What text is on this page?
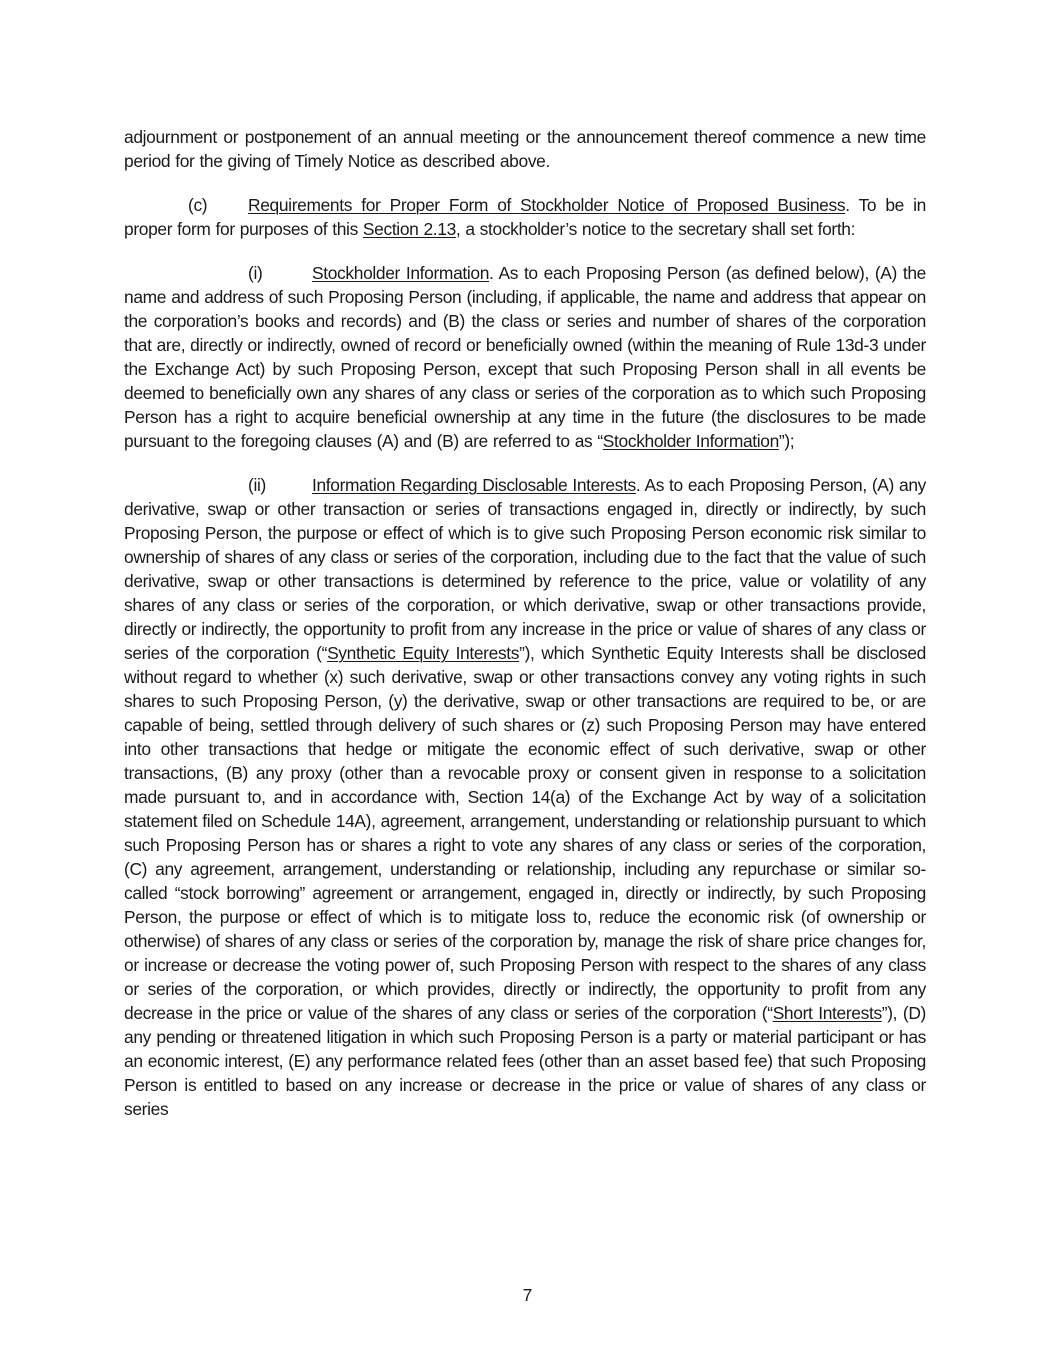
adjournment or postponement of an annual meeting or the announcement thereof commence a new time period for the giving of Timely Notice as described above.

(c) Requirements for Proper Form of Stockholder Notice of Proposed Business. To be in proper form for purposes of this Section 2.13, a stockholder’s notice to the secretary shall set forth:

(i)	Stockholder Information. As to each Proposing Person (as defined below), (A) the name and address of such Proposing Person (including, if applicable, the name and address that appear on the corporation’s books and records) and (B) the class or series and number of shares of the corporation that are, directly or indirectly, owned of record or beneficially owned (within the meaning of Rule 13d-3 under the Exchange Act) by such Proposing Person, except that such Proposing Person shall in all events be deemed to beneficially own any shares of any class or series of the corporation as to which such Proposing Person has a right to acquire beneficial ownership at any time in the future (the disclosures to be made pursuant to the foregoing clauses (A) and (B) are referred to as “Stockholder Information”);

(ii)	Information Regarding Disclosable Interests. As to each Proposing Person, (A) any derivative, swap or other transaction or series of transactions engaged in, directly or indirectly, by such Proposing Person, the purpose or effect of which is to give such Proposing Person economic risk similar to ownership of shares of any class or series of the corporation, including due to the fact that the value of such derivative, swap or other transactions is determined by reference to the price, value or volatility of any shares of any class or series of the corporation, or which derivative, swap or other transactions provide, directly or indirectly, the opportunity to profit from any increase in the price or value of shares of any class or series of the corporation (“Synthetic Equity Interests”), which Synthetic Equity Interests shall be disclosed without regard to whether (x) such derivative, swap or other transactions convey any voting rights in such shares to such Proposing Person, (y) the derivative, swap or other transactions are required to be, or are capable of being, settled through delivery of such shares or (z) such Proposing Person may have entered into other transactions that hedge or mitigate the economic effect of such derivative, swap or other transactions, (B) any proxy (other than a revocable proxy or consent given in response to a solicitation made pursuant to, and in accordance with, Section 14(a) of the Exchange Act by way of a solicitation statement filed on Schedule 14A), agreement, arrangement, understanding or relationship pursuant to which such Proposing Person has or shares a right to vote any shares of any class or series of the corporation, (C) any agreement, arrangement, understanding or relationship, including any repurchase or similar so-called “stock borrowing” agreement or arrangement, engaged in, directly or indirectly, by such Proposing Person, the purpose or effect of which is to mitigate loss to, reduce the economic risk (of ownership or otherwise) of shares of any class or series of the corporation by, manage the risk of share price changes for, or increase or decrease the voting power of, such Proposing Person with respect to the shares of any class or series of the corporation, or which provides, directly or indirectly, the opportunity to profit from any decrease in the price or value of the shares of any class or series of the corporation (“Short Interests”), (D) any pending or threatened litigation in which such Proposing Person is a party or material participant or has an economic interest, (E) any performance related fees (other than an asset based fee) that such Proposing Person is entitled to based on any increase or decrease in the price or value of shares of any class or series

7
